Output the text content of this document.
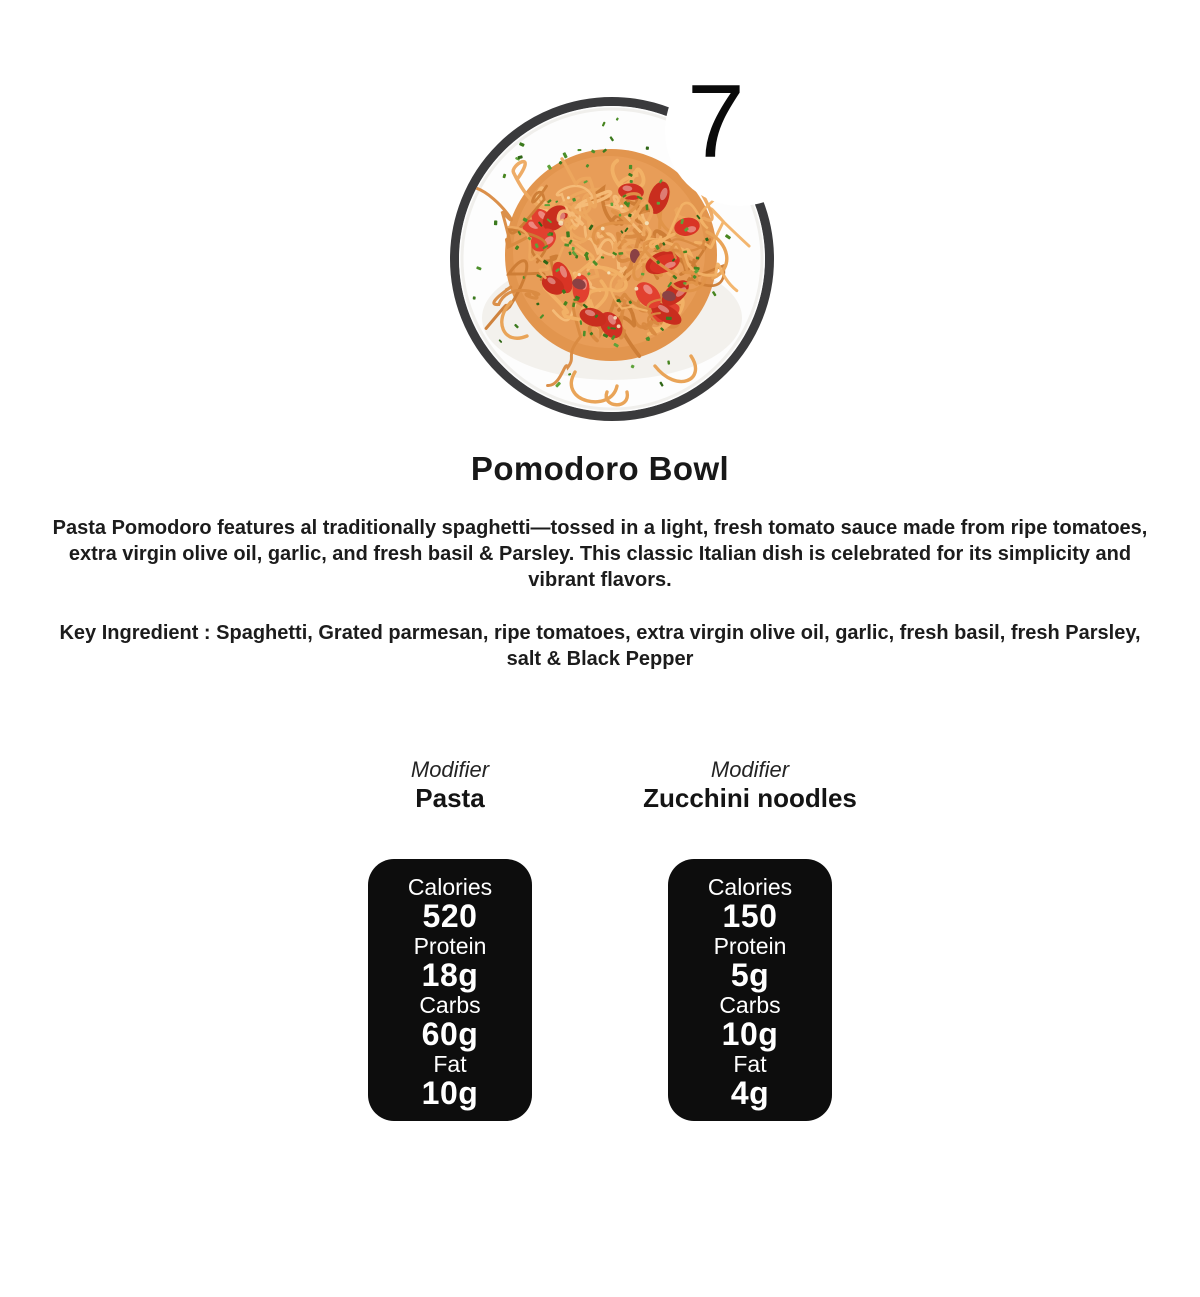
7
Pomodoro Bowl

Pasta Pomodoro features al traditionally spaghetti—tossed in a light, fresh tomato sauce made from ripe tomatoes, extra virgin olive oil, garlic, and fresh basil & Parsley. This classic Italian dish is celebrated for its simplicity and vibrant flavors.

Key Ingredient : Spaghetti, Grated parmesan, ripe tomatoes, extra virgin olive oil, garlic, fresh basil, fresh Parsley, salt & Black Pepper

Modifier
Pasta
Calories
520
Protein
18g
Carbs
60g
Fat
10g
Modifier
Zucchini noodles
Calories
150
Protein
5g
Carbs
10g
Fat
4g
